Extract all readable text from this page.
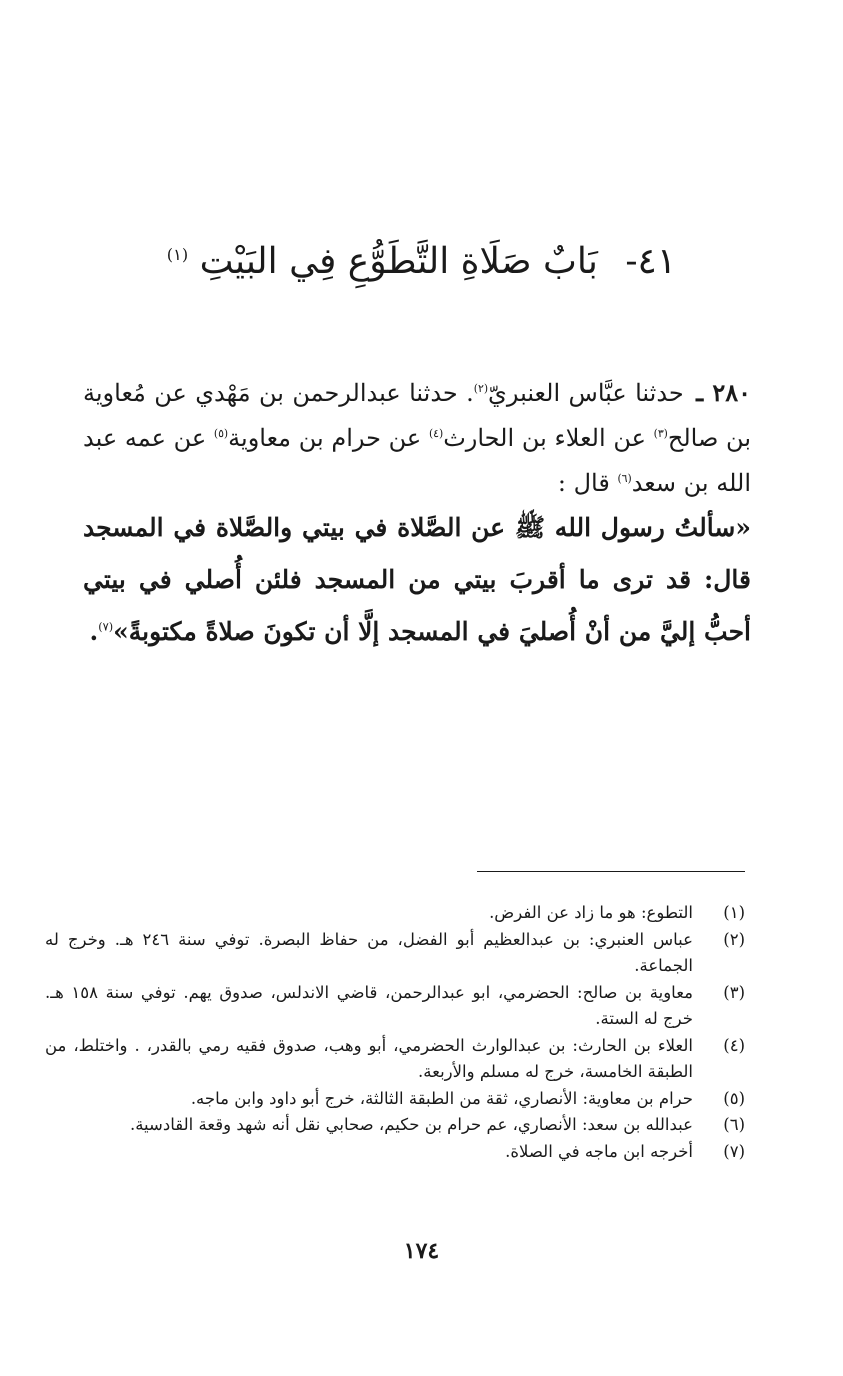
٤١- بَابٌ صَلَاةِ التَّطَوُّعِ فِي البَيْتِ $^{(١)}$

٢٨٠ ـ حدثنا عبَّاس العنبريّ$^{(٢)}$. حدثنا عبدالرحمن بن مَهْدي عن مُعاوية بن صالح$^{(٣)}$ عن العلاء بن الحارث$^{(٤)}$ عن حرام بن معاوية$^{(٥)}$ عن عمه عبد الله بن سعد$^{(٦)}$ قال :

«سألتُ رسول الله ﷺ عن الصَّلاة في بيتي والصَّلاة في المسجد قال: قد ترى ما أقربَ بيتي من المسجد فلئن أُصلي في بيتي أحبُّ إليَّ من أنْ أُصليَ في المسجد إلَّا أن تكونَ صلاةً مكتوبةً»$^{(٧)}$.

(١)
التطوع: هو ما زاد عن الفرض.
(٢)
عباس العنبري: بن عبدالعظيم أبو الفضل، من حفاظ البصرة. توفي سنة ٢٤٦ هـ. وخرج له الجماعة.
(٣)
معاوية بن صالح: الحضرمي، ابو عبدالرحمن، قاضي الاندلس، صدوق يهم. توفي سنة ١٥٨ هـ. خرج له الستة.
(٤)
العلاء بن الحارث: بن عبدالوارث الحضرمي، أبو وهب، صدوق فقيه رمي بالقدر، . واختلط، من الطبقة الخامسة، خرج له مسلم والأربعة.
(٥)
حرام بن معاوية: الأنصاري، ثقة من الطبقة الثالثة، خرج أبو داود وابن ماجه.
(٦)
عبدالله بن سعد: الأنصاري، عم حرام بن حكيم، صحابي نقل أنه شهد وقعة القادسية.
(٧)
أخرجه ابن ماجه في الصلاة.
١٧٤
